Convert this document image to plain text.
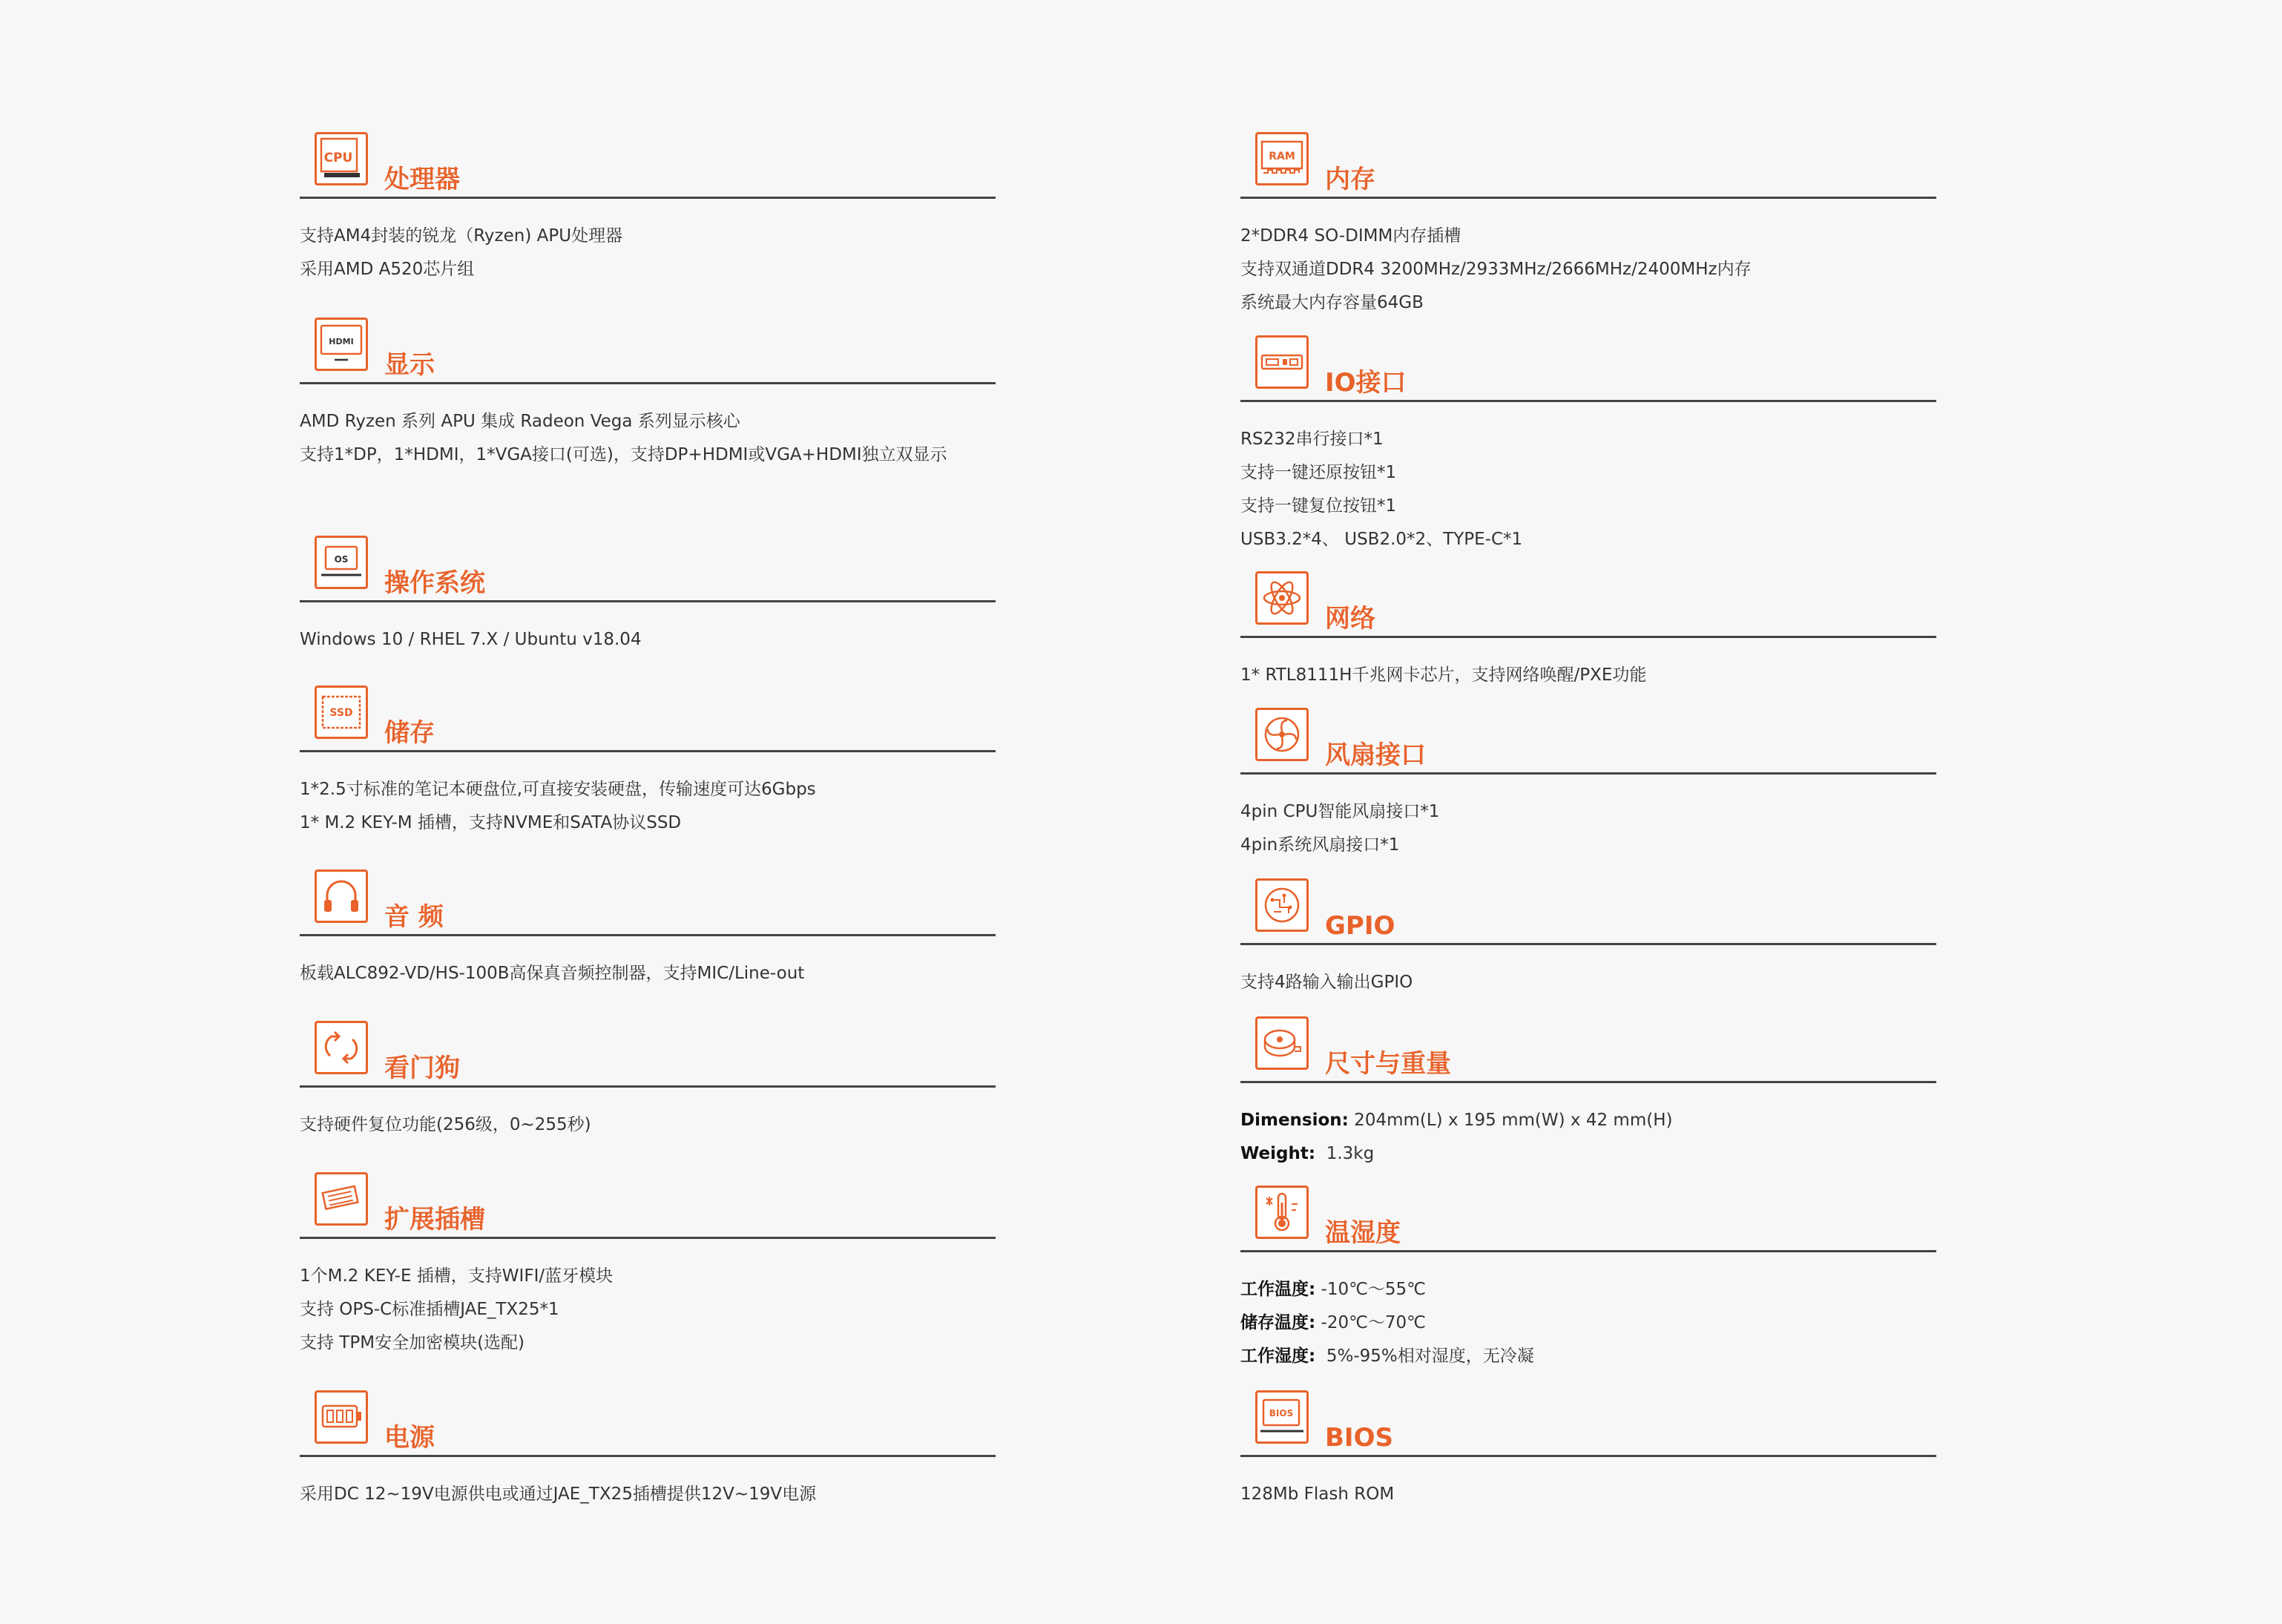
CPU
处理器
支持AM4封装的锐龙（Ryzen) APU处理器
采用AMD A520芯片组
HDMI
显示
AMD Ryzen 系列 APU 集成 Radeon Vega 系列显示核心
支持1*DP，1*HDMI，1*VGA接口(可选)，支持DP+HDMI或VGA+HDMI独立双显示
OS
操作系统
Windows 10 / RHEL 7.X / Ubuntu v18.04
SSD
储存
1*2.5寸标准的笔记本硬盘位,可直接安装硬盘，传输速度可达6Gbps
1* M.2 KEY-M 插槽，支持NVME和SATA协议SSD
音 频
板载ALC892-VD/HS-100B高保真音频控制器，支持MIC/Line-out
看门狗
支持硬件复位功能(256级，0~255秒)
扩展插槽
1个M.2 KEY-E 插槽，支持WIFI/蓝牙模块
支持 OPS-C标准插槽JAE_TX25*1
支持 TPM安全加密模块(选配)
电源
采用DC 12~19V电源供电或通过JAE_TX25插槽提供12V~19V电源
RAM
内存
2*DDR4 SO-DIMM内存插槽
支持双通道DDR4 3200MHz/2933MHz/2666MHz/2400MHz内存
系统最大内存容量64GB
IO接口
RS232串行接口*1
支持一键还原按钮*1
支持一键复位按钮*1
USB3.2*4、 USB2.0*2、TYPE-C*1
网络
1* RTL8111H千兆网卡芯片，支持网络唤醒/PXE功能
风扇接口
4pin CPU智能风扇接口*1
4pin系统风扇接口*1
GPIO
支持4路输入输出GPIO
尺寸与重量
Dimension: 204mm(L) x 195 mm(W) x 42 mm(H)
Weight:  1.3kg
温湿度
工作温度: -10℃～55℃
储存温度: -20℃～70℃
工作湿度:  5%-95%相对湿度，无冷凝
BIOS
BIOS
128Mb Flash ROM
